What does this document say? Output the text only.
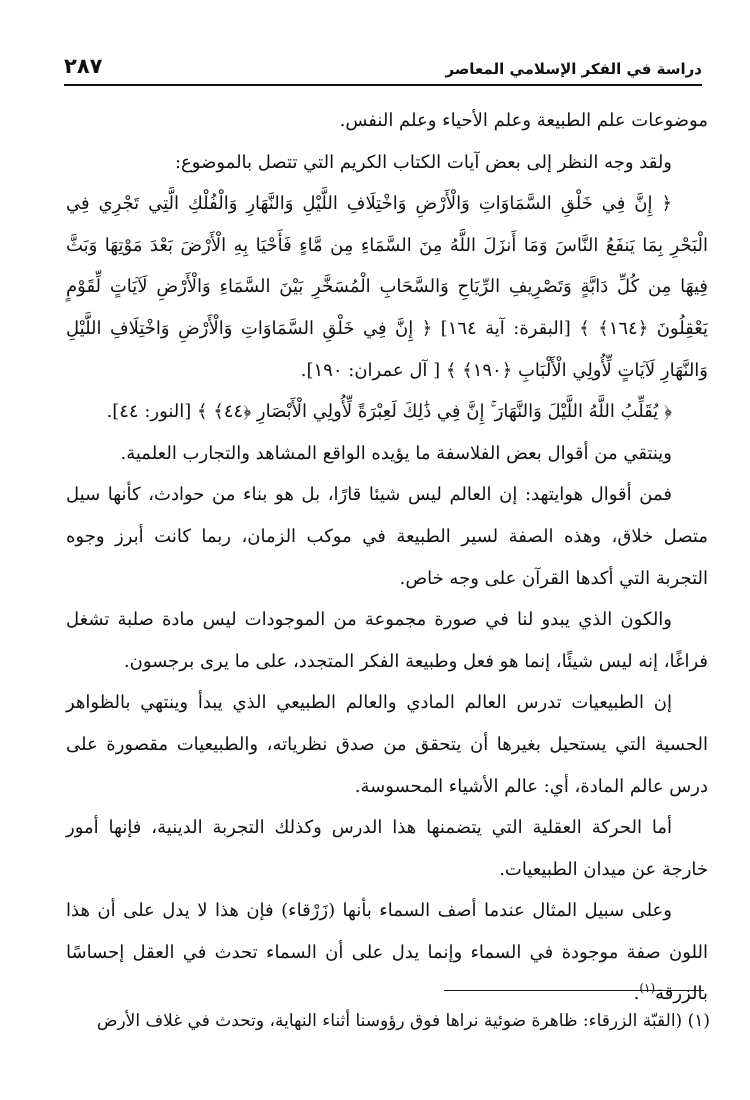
دراسة في الفكر الإسلامي المعاصر
٢٨٧

موضوعات علم الطبيعة وعلم الأحياء وعلم النفس.

ولقد وجه النظر إلى بعض آيات الكتاب الكريم التي تتصل بالموضوع:

﴿ إِنَّ فِي خَلْقِ السَّمَاوَاتِ وَالْأَرْضِ وَاخْتِلَافِ اللَّيْلِ وَالنَّهَارِ وَالْفُلْكِ الَّتِي تَجْرِي فِي الْبَحْرِ بِمَا يَنفَعُ النَّاسَ وَمَا أَنزَلَ اللَّهُ مِنَ السَّمَاءِ مِن مَّاءٍ فَأَحْيَا بِهِ الْأَرْضَ بَعْدَ مَوْتِهَا وَبَثَّ فِيهَا مِن كُلِّ دَابَّةٍ وَتَصْرِيفِ الرِّيَاحِ وَالسَّحَابِ الْمُسَخَّرِ بَيْنَ السَّمَاءِ وَالْأَرْضِ لَآيَاتٍ لِّقَوْمٍ يَعْقِلُونَ ﴿١٦٤﴾ ﴾ [البقرة: آية ١٦٤] ﴿ إِنَّ فِي خَلْقِ السَّمَاوَاتِ وَالْأَرْضِ وَاخْتِلَافِ اللَّيْلِ وَالنَّهَارِ لَآيَاتٍ لِّأُولِي الْأَلْبَابِ ﴿١٩٠﴾ ﴾ [ آل عمران: ١٩٠].

﴿ يُقَلِّبُ اللَّهُ اللَّيْلَ وَالنَّهَارَ ۚ إِنَّ فِي ذَٰلِكَ لَعِبْرَةً لِّأُولِي الْأَبْصَارِ ﴿٤٤﴾ ﴾ [النور: ٤٤].

وينتقي من أقوال بعض الفلاسفة ما يؤيده الواقع المشاهد والتجارب العلمية.

فمن أقوال هوايتهد: إن العالم ليس شيئا قارًا، بل هو بناء من حوادث، كأنها سيل متصل خلاق، وهذه الصفة لسير الطبيعة في موكب الزمان، ربما كانت أبرز وجوه التجربة التي أكدها القرآن على وجه خاص.

والكون الذي يبدو لنا في صورة مجموعة من الموجودات ليس مادة صلبة تشغل فراغًا، إنه ليس شيئًا، إنما هو فعل وطبيعة الفكر المتجدد، على ما يرى برجسون.

إن الطبيعيات تدرس العالم المادي والعالم الطبيعي الذي يبدأ وينتهي بالظواهر الحسية التي يستحيل بغيرها أن يتحقق من صدق نظرياته، والطبيعيات مقصورة على درس عالم المادة، أي: عالم الأشياء المحسوسة.

أما الحركة العقلية التي يتضمنها هذا الدرس وكذلك التجربة الدينية، فإنها أمور خارجة عن ميدان الطبيعيات.

وعلى سبيل المثال عندما أصف السماء بأنها (زَرْقاء) فإن هذا لا يدل على أن هذا اللون صفة موجودة في السماء وإنما يدل على أن السماء تحدث في العقل إحساسًا بالزرقة$^{(١)}$.

(١) (القبّة الزرقاء: ظاهرة ضوئية نراها فوق رؤوسنا أثناء النهاية، وتحدث في غلاف الأرض
